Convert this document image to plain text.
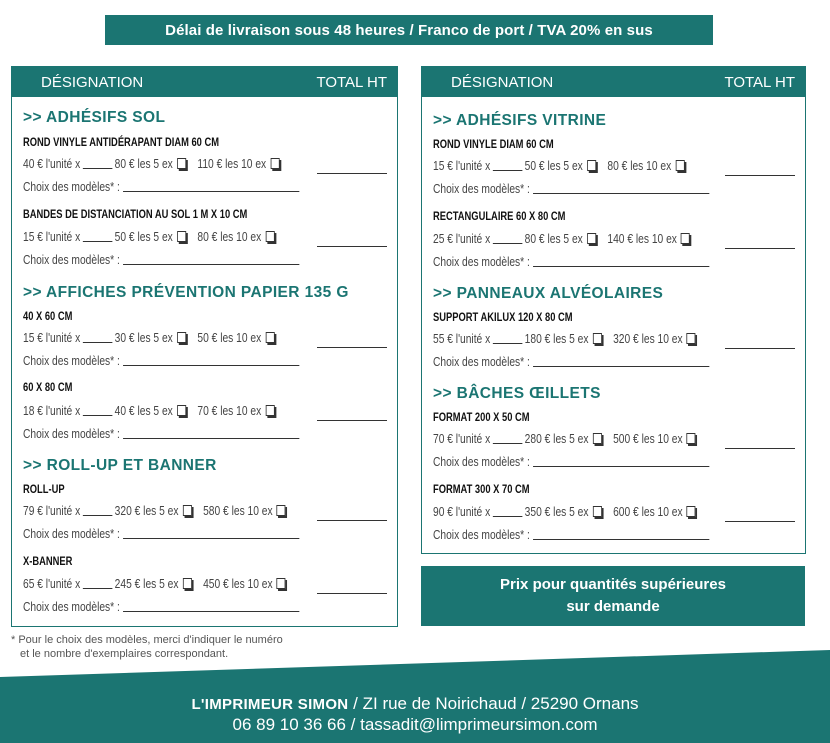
Délai de livraison sous 48 heures / Franco de port / TVA 20% en sus
DÉSIGNATION	TOTAL HT
>> ADHÉSIFS SOL
ROND VINYLE ANTIDÉRAPANT DIAM 60 CM
40 € l'unité x	80 € les 5 ex 110 € les 10 ex
Choix des modèles* :
BANDES DE DISTANCIATION AU SOL 1 M X 10 CM
15 € l'unité x	50 € les 5 ex 80 € les 10 ex
Choix des modèles* :
>> AFFICHES PRÉVENTION PAPIER 135 G
40 X 60 CM
15 € l'unité x	30 € les 5 ex 50 € les 10 ex
Choix des modèles* :
60 X 80 CM
18 € l'unité x	40 € les 5 ex 70 € les 10 ex
Choix des modèles* :
>> ROLL-UP ET BANNER
ROLL-UP
79 € l'unité x	320 € les 5 ex 580 € les 10 ex
Choix des modèles* :
X-BANNER
65 € l'unité x	245 € les 5 ex 450 € les 10 ex
Choix des modèles* :
DÉSIGNATION	TOTAL HT
>> ADHÉSIFS VITRINE
ROND VINYLE DIAM 60 CM
15 € l'unité x	50 € les 5 ex 80 € les 10 ex
Choix des modèles* :
RECTANGULAIRE 60 X 80 CM
25 € l'unité x	80 € les 5 ex 140 € les 10 ex
Choix des modèles* :
>> PANNEAUX ALVÉOLAIRES
SUPPORT AKILUX 120 X 80 CM
55 € l'unité x	180 € les 5 ex 320 € les 10 ex
Choix des modèles* :
>> BÂCHES ŒILLETS
FORMAT 200 X 50 CM
70 € l'unité x	280 € les 5 ex 500 € les 10 ex
Choix des modèles* :
FORMAT 300 X 70 CM
90 € l'unité x	350 € les 5 ex 600 € les 10 ex
Choix des modèles* :
Prix pour quantités supérieures
sur demande
* Pour le choix des modèles, merci d'indiquer le numéro
et le nombre d'exemplaires correspondant.
L'IMPRIMEUR SIMON / ZI rue de Noirichaud / 25290 Ornans
06 89 10 36 66 / tassadit@limprimeursimon.com
